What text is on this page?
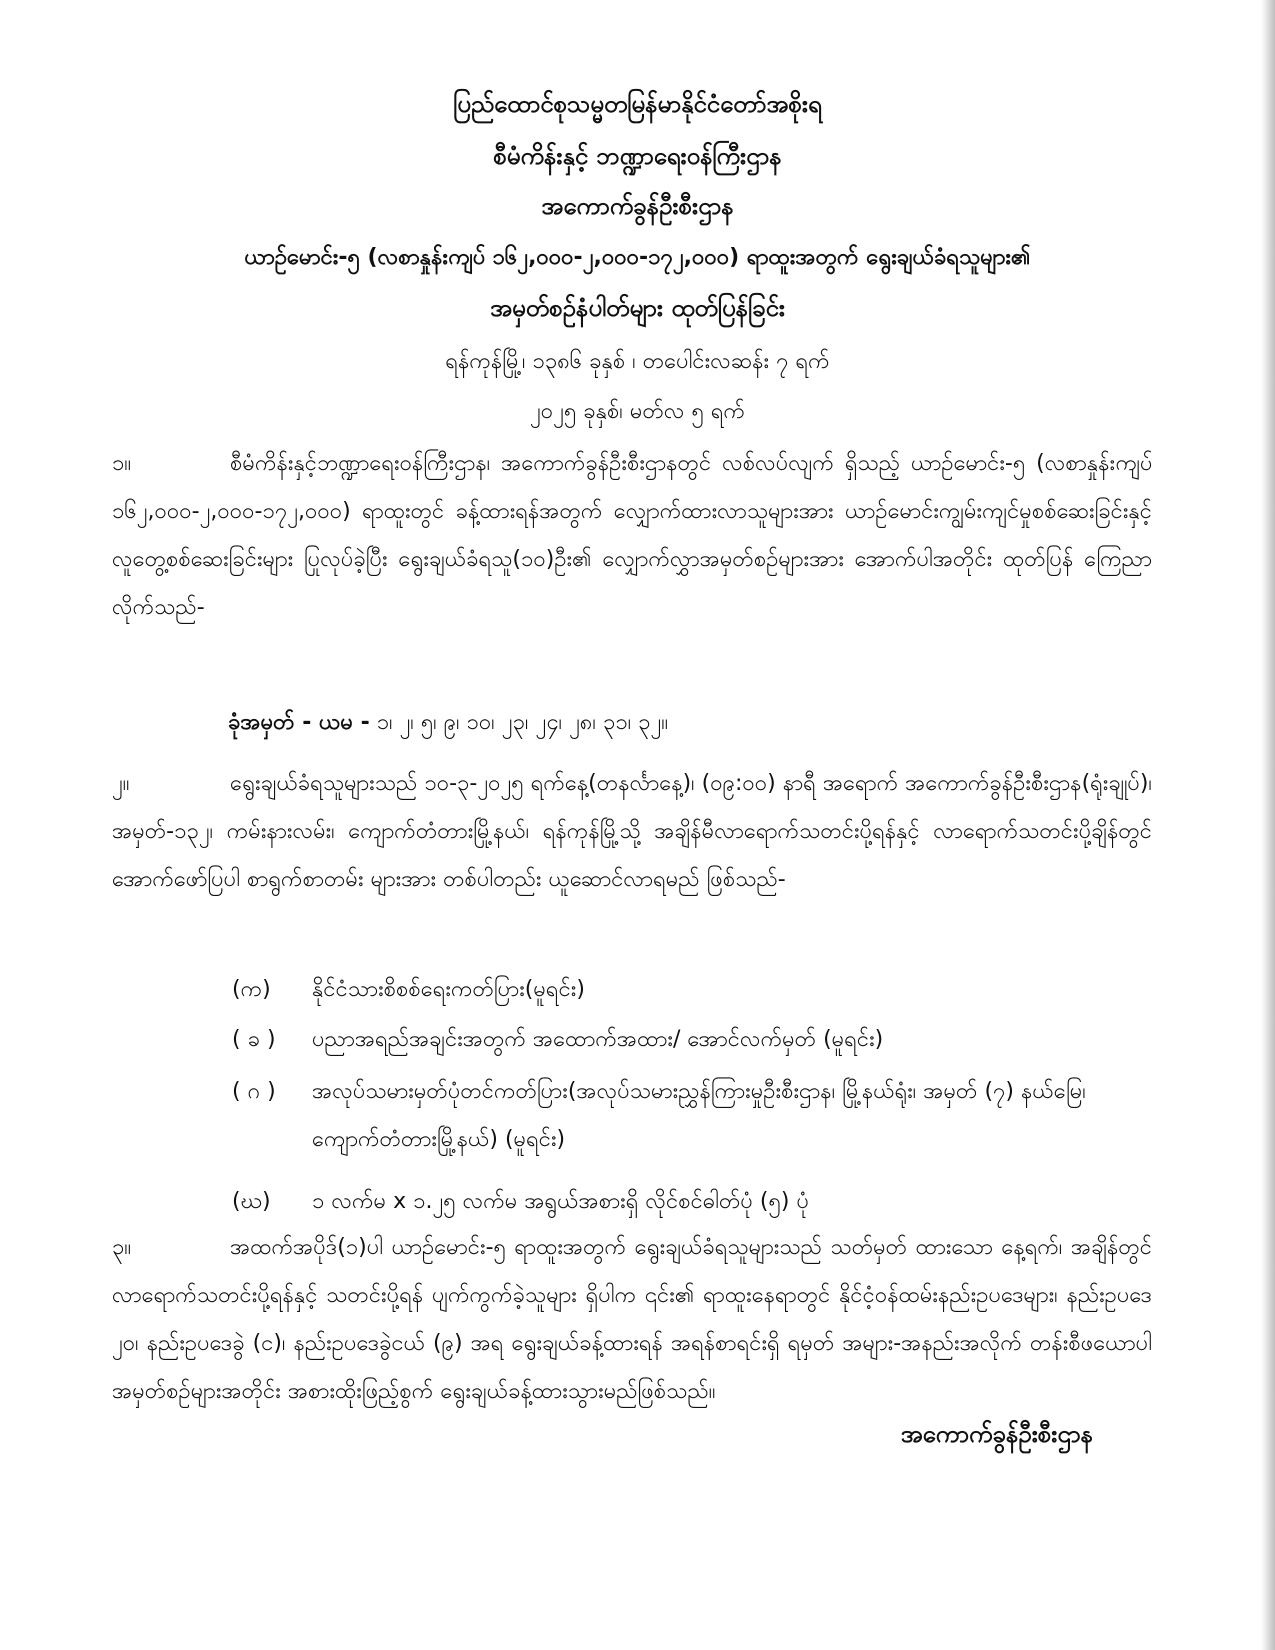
ပြည်ထောင်စုသမ္မတမြန်မာနိုင်ငံတော်အစိုးရ
စီမံကိန်းနှင့် ဘဏ္ဍာရေးဝန်ကြီးဌာန
အကောက်ခွန်ဦးစီးဌာန
ယာဉ်မောင်း-၅ (လစာနှုန်းကျပ် ၁၆၂,၀၀၀-၂,၀၀၀-၁၇၂,၀၀၀) ရာထူးအတွက် ရွေးချယ်ခံရသူများ၏
အမှတ်စဉ်နံပါတ်များ ထုတ်ပြန်ခြင်း
ရန်ကုန်မြို့၊ ၁၃၈၆ ခုနှစ် ၊ တပေါင်းလဆန်း ၇ ရက်
၂၀၂၅ ခုနှစ်၊ မတ်လ ၅ ရက်
၁။	စီမံကိန်းနှင့်ဘဏ္ဍာရေးဝန်ကြီးဌာန၊ အကောက်ခွန်ဦးစီးဌာနတွင် လစ်လပ်လျက် ရှိသည့် ယာဉ်မောင်း-၅ (လစာနှုန်းကျပ် ၁၆၂,၀၀၀-၂,၀၀၀-၁၇၂,၀၀၀) ရာထူးတွင် ခန့်ထားရန်အတွက် လျှောက်ထားလာသူများအား ယာဉ်မောင်းကျွမ်းကျင်မှုစစ်ဆေးခြင်းနှင့် လူတွေ့စစ်ဆေးခြင်းများ ပြုလုပ်ခဲ့ပြီး ရွေးချယ်ခံရသူ(၁၀)ဦး၏ လျှောက်လွှာအမှတ်စဉ်များအား အောက်ပါအတိုင်း ထုတ်ပြန် ကြေညာလိုက်သည်-
ခုံအမှတ် - ယမ - ၁၊ ၂၊ ၅၊ ၉၊ ၁၀၊ ၂၃၊ ၂၄၊ ၂၈၊ ၃၁၊ ၃၂။
၂။	ရွေးချယ်ခံရသူများသည် ၁၀-၃-၂၀၂၅ ရက်နေ့(တနင်္လာနေ့)၊ (၀၉:၀၀) နာရီ အရောက် အကောက်ခွန်ဦးစီးဌာန(ရုံးချုပ်)၊ အမှတ်-၁၃၂၊ ကမ်းနားလမ်း၊ ကျောက်တံတားမြို့နယ်၊ ရန်ကုန်မြို့သို့ အချိန်မီလာရောက်သတင်းပို့ရန်နှင့် လာရောက်သတင်းပို့ချိန်တွင် အောက်ဖော်ပြပါ စာရွက်စာတမ်း များအား တစ်ပါတည်း ယူဆောင်လာရမည် ဖြစ်သည်-
(က)	နိုင်ငံသားစိစစ်ရေးကတ်ပြား(မူရင်း)
( ခ )	ပညာအရည်အချင်းအတွက် အထောက်အထား/ အောင်လက်မှတ် (မူရင်း)
( ဂ )	အလုပ်သမားမှတ်ပုံတင်ကတ်ပြား(အလုပ်သမားညွှန်ကြားမှုဦးစီးဌာန၊ မြို့နယ်ရုံး၊ အမှတ် (၇) နယ်မြေ၊ ကျောက်တံတားမြို့နယ်) (မူရင်း)
(ဃ)	၁ လက်မ x ၁.၂၅ လက်မ အရွယ်အစားရှိ လိုင်စင်ဓါတ်ပုံ (၅) ပုံ
၃။	အထက်အပိုဒ်(၁)ပါ ယာဉ်မောင်း-၅ ရာထူးအတွက် ရွေးချယ်ခံရသူများသည် သတ်မှတ် ထားသော နေ့ရက်၊ အချိန်တွင် လာရောက်သတင်းပို့ရန်နှင့် သတင်းပို့ရန် ပျက်ကွက်ခဲ့သူများ ရှိပါက ၎င်း၏ ရာထူးနေရာတွင် နိုင်ငံ့ဝန်ထမ်းနည်းဥပဒေများ၊ နည်းဥပဒေ ၂၀၊ နည်းဥပဒေခွဲ (င)၊ နည်းဥပဒေခွဲငယ် (၉) အရ ရွေးချယ်ခန့်ထားရန် အရန်စာရင်းရှိ ရမှတ် အများ-အနည်းအလိုက် တန်းစီဖယောပါ အမှတ်စဉ်များအတိုင်း အစားထိုးဖြည့်စွက် ရွေးချယ်ခန့်ထားသွားမည်ဖြစ်သည်။
အကောက်ခွန်ဦးစီးဌာန
